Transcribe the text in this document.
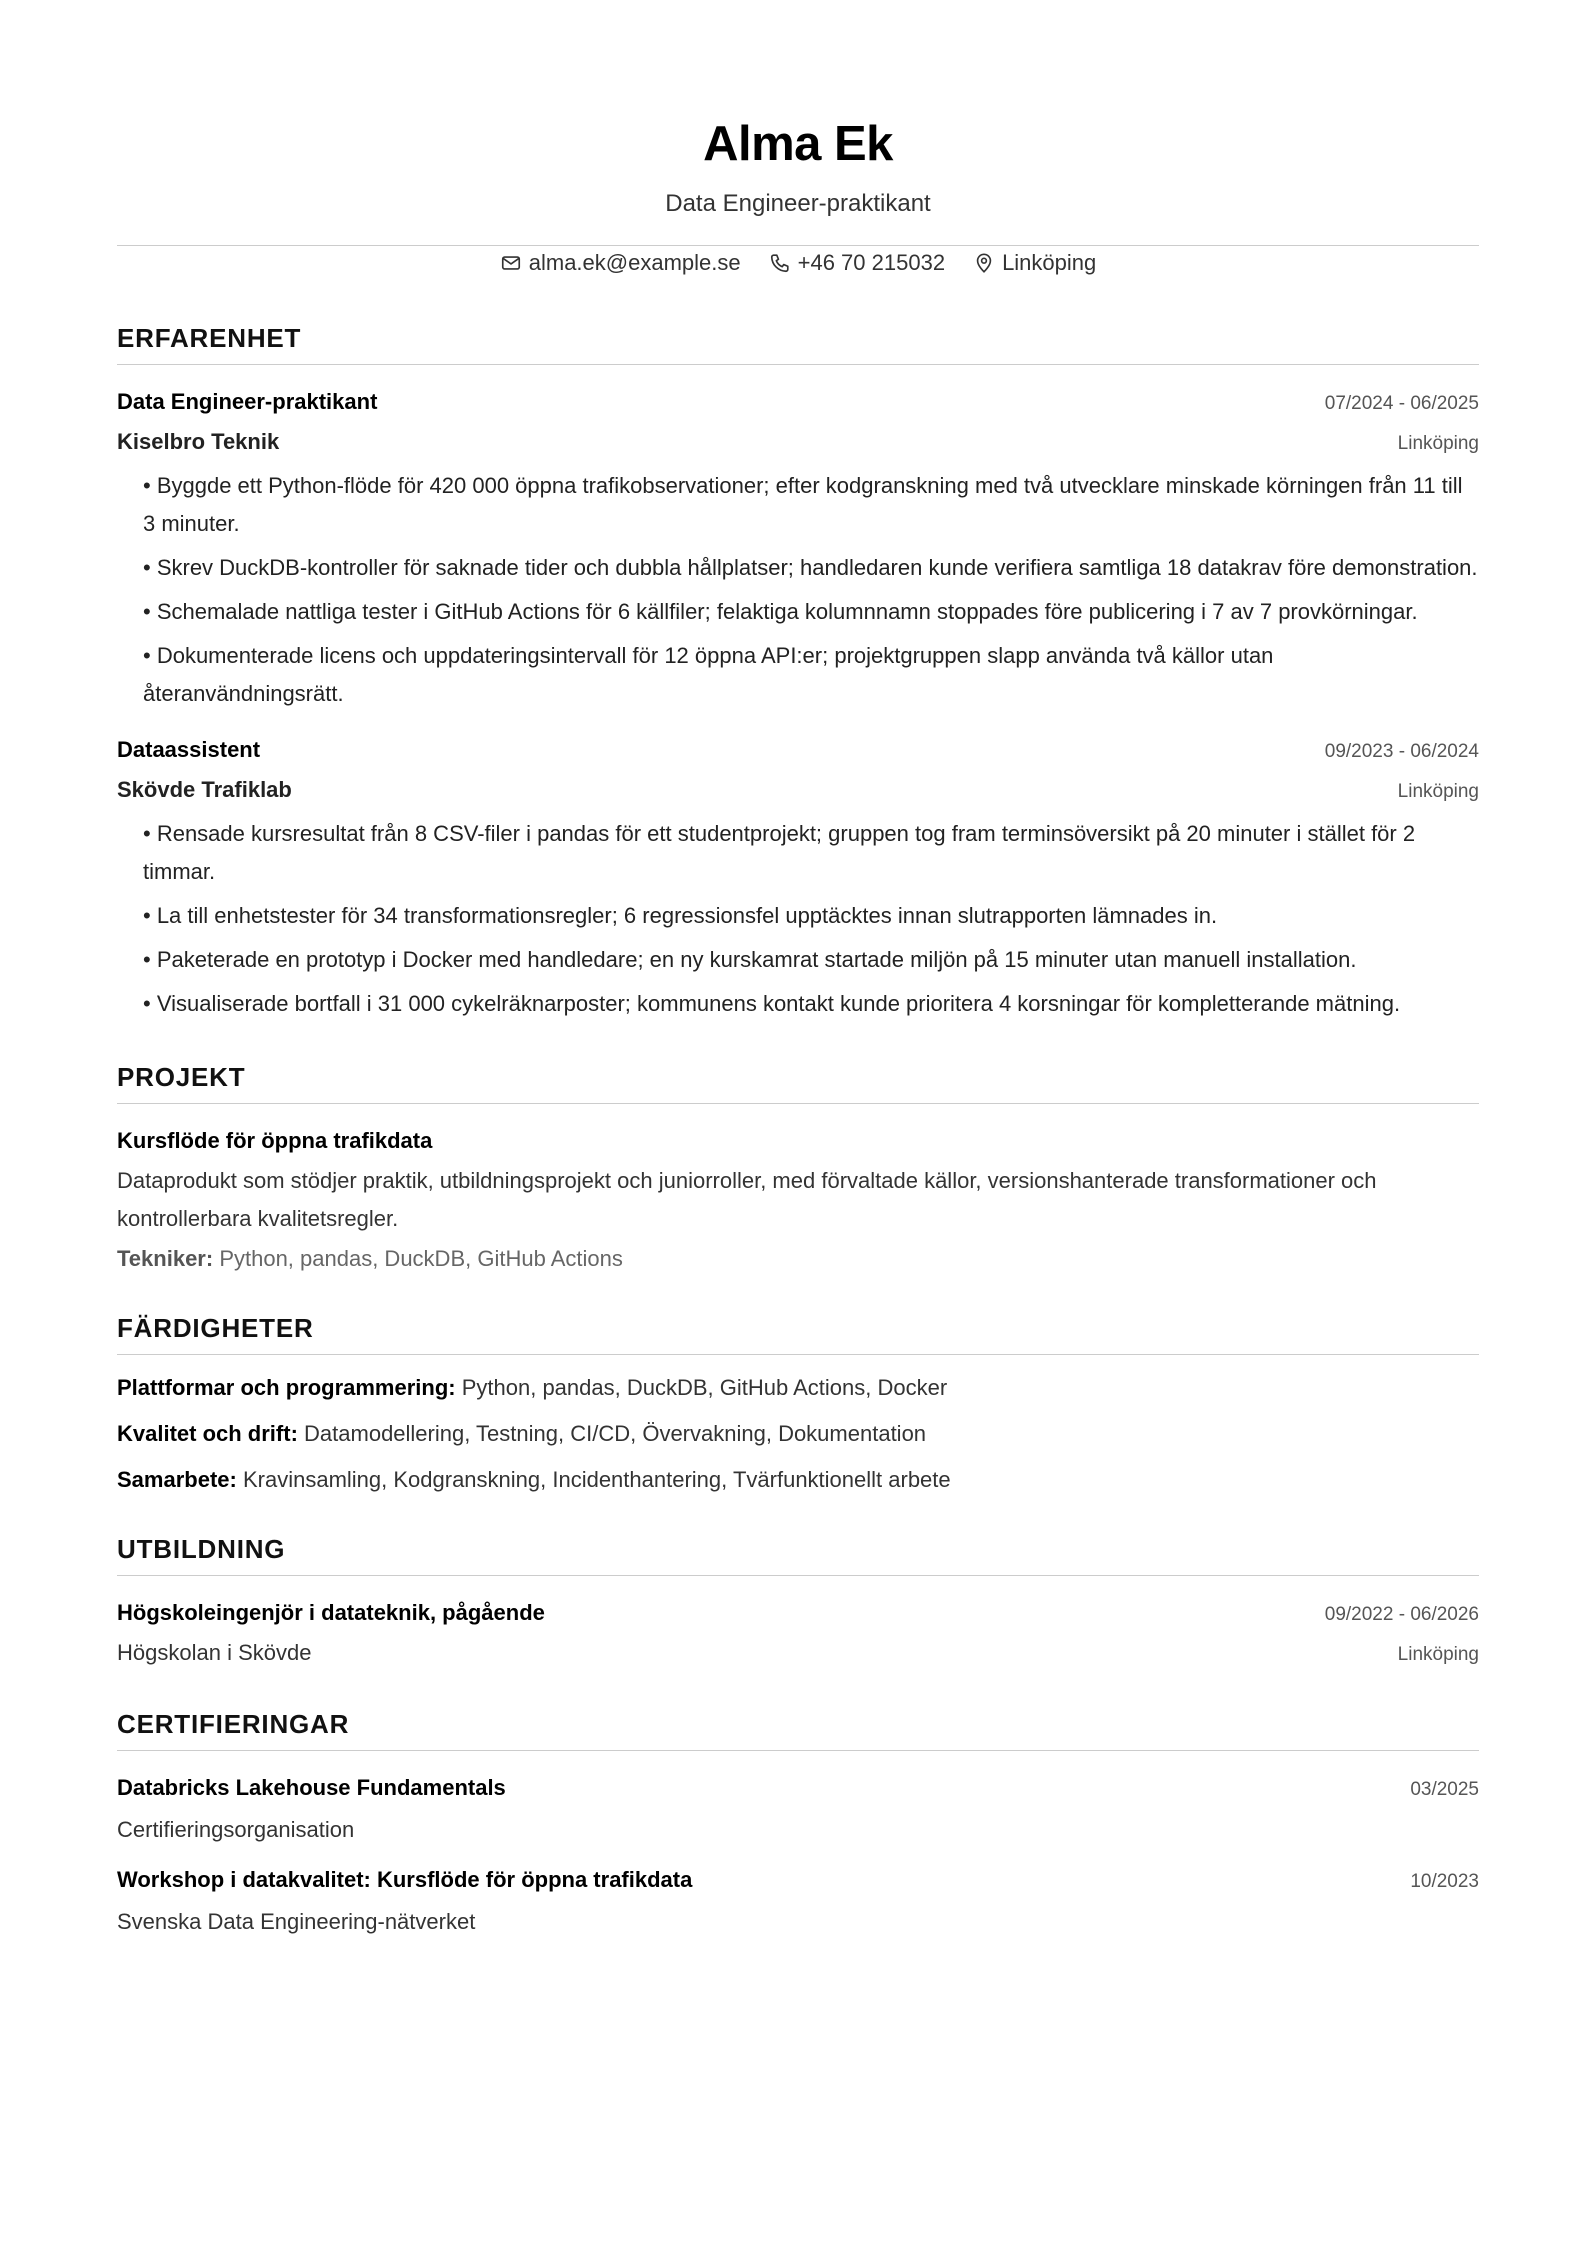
Alma Ek
Data Engineer-praktikant
alma.ek@example.se	+46 70 215032	Linköping
ERFARENHET
Data Engineer-praktikant	07/2024 - 06/2025
Kiselbro Teknik	Linköping
• Byggde ett Python-flöde för 420 000 öppna trafikobservationer; efter kodgranskning med två utvecklare minskade körningen från 11 till 3 minuter.
• Skrev DuckDB-kontroller för saknade tider och dubbla hållplatser; handledaren kunde verifiera samtliga 18 datakrav före demonstration.
• Schemalade nattliga tester i GitHub Actions för 6 källfiler; felaktiga kolumnnamn stoppades före publicering i 7 av 7 provkörningar.
• Dokumenterade licens och uppdateringsintervall för 12 öppna API:er; projektgruppen slapp använda två källor utan återanvändningsrätt.
Dataassistent	09/2023 - 06/2024
Skövde Trafiklab	Linköping
• Rensade kursresultat från 8 CSV-filer i pandas för ett studentprojekt; gruppen tog fram terminsöversikt på 20 minuter i stället för 2 timmar.
• La till enhetstester för 34 transformationsregler; 6 regressionsfel upptäcktes innan slutrapporten lämnades in.
• Paketerade en prototyp i Docker med handledare; en ny kurskamrat startade miljön på 15 minuter utan manuell installation.
• Visualiserade bortfall i 31 000 cykelräknarposter; kommunens kontakt kunde prioritera 4 korsningar för kompletterande mätning.
PROJEKT
Kursflöde för öppna trafikdata
Dataprodukt som stödjer praktik, utbildningsprojekt och juniorroller, med förvaltade källor, versionshanterade transformationer och kontrollerbara kvalitetsregler.
Tekniker: Python, pandas, DuckDB, GitHub Actions
FÄRDIGHETER
Plattformar och programmering: Python, pandas, DuckDB, GitHub Actions, Docker
Kvalitet och drift: Datamodellering, Testning, CI/CD, Övervakning, Dokumentation
Samarbete: Kravinsamling, Kodgranskning, Incidenthantering, Tvärfunktionellt arbete
UTBILDNING
Högskoleingenjör i datateknik, pågående	09/2022 - 06/2026
Högskolan i Skövde	Linköping
CERTIFIERINGAR
Databricks Lakehouse Fundamentals	03/2025
Certifieringsorganisation
Workshop i datakvalitet: Kursflöde för öppna trafikdata	10/2023
Svenska Data Engineering-nätverket
